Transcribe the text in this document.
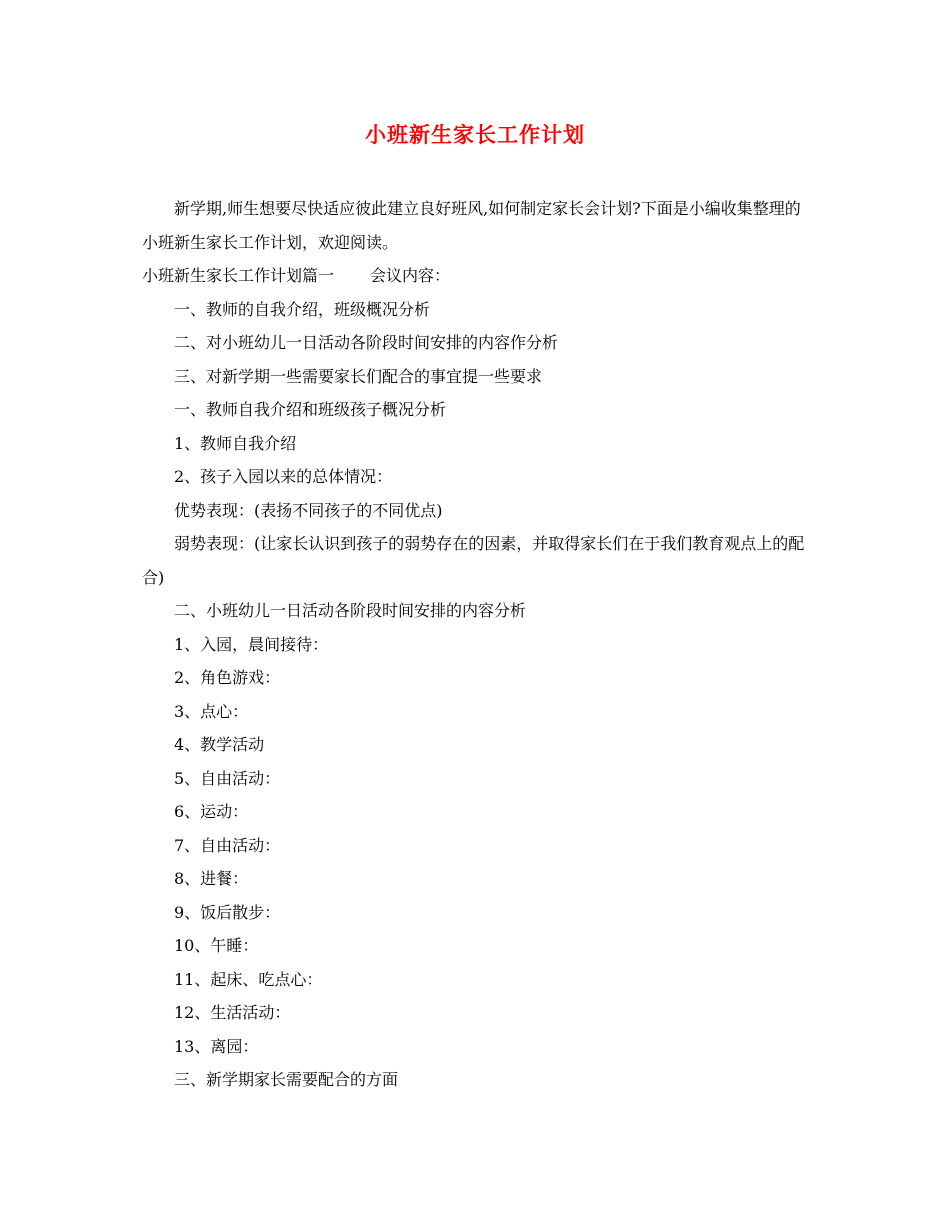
小班新生家长工作计划
新学期,师生想要尽快适应彼此建立良好班风,如何制定家长会计划?下面是小编收集整理的小班新生家长工作计划，欢迎阅读。
小班新生家长工作计划篇一 会议内容：
一、教师的自我介绍，班级概况分析
二、对小班幼儿一日活动各阶段时间安排的内容作分析
三、对新学期一些需要家长们配合的事宜提一些要求
一、教师自我介绍和班级孩子概况分析
1、教师自我介绍
2、孩子入园以来的总体情况：
优势表现：(表扬不同孩子的不同优点)
弱势表现：(让家长认识到孩子的弱势存在的因素，并取得家长们在于我们教育观点上的配合)
二、小班幼儿一日活动各阶段时间安排的内容分析
1、入园，晨间接待：
2、角色游戏：
3、点心：
4、教学活动
5、自由活动：
6、运动：
7、自由活动：
8、进餐：
9、饭后散步：
10、午睡：
11、起床、吃点心：
12、生活活动：
13、离园：
三、新学期家长需要配合的方面
